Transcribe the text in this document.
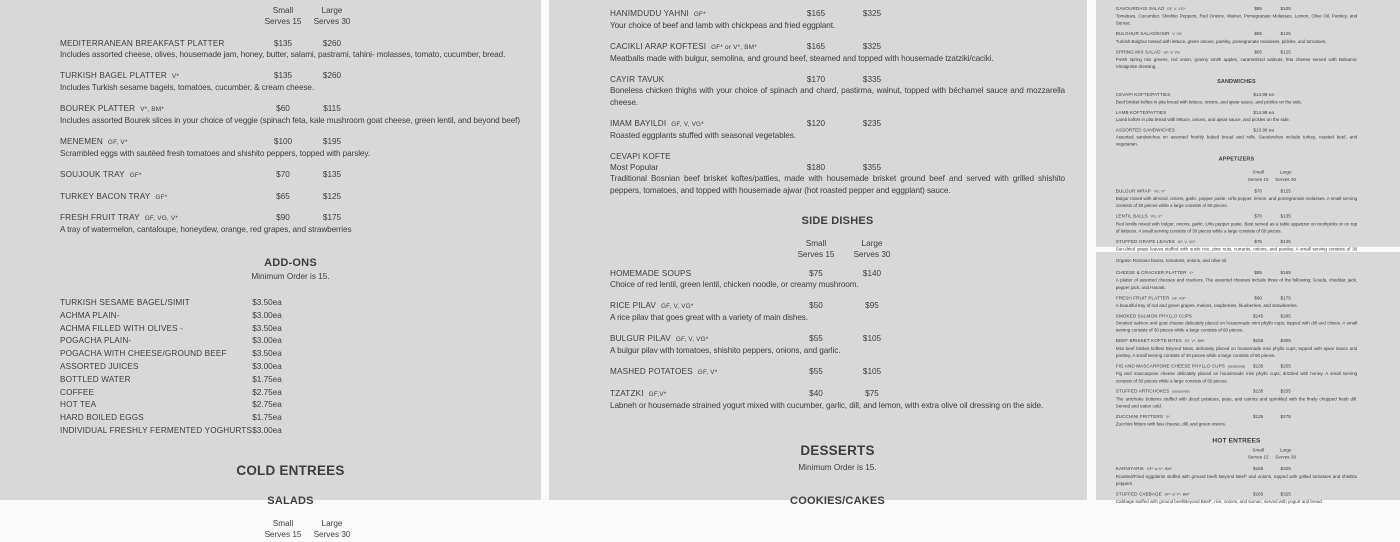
Small
Serves 15
Large
Serves 30
MEDITERRANEAN BREAKFAST PLATTER	$135	$260
Includes assorted cheese, olives, housemade jam, honey, butter, salami, pastrami, tahini- molasses, tomato, cucumber, bread.
TURKISH BAGEL PLATTER V*	$135	$260
Includes Turkish sesame bagels, tomatoes, cucumber, & cream cheese.
BOUREK PLATTER V*, BM*	$60	$115
Includes assorted Bourek slices in your choice of veggie (spinach feta, kale mushroom goat cheese, green lentil, and beyond beef)
MENEMEN GF, V*	$100	$195
Scrambled eggs with sautéed fresh tomatoes and shishito peppers, topped with parsley.
SOUJOUK TRAY GF*	$70	$135
TURKEY BACON TRAY GF*	$65	$125
FRESH FRUIT TRAY GF, VG, V*	$90	$175
A tray of watermelon, cantaloupe, honeydew, orange, red grapes, and strawberries
ADD-ONS
Minimum Order is 15.
TURKISH SESAME BAGEL/SIMIT	$3.50ea
ACHMA PLAIN-	$3.00ea
ACHMA FILLED WITH OLIVES -	$3.50ea
POGACHA PLAIN-	$3.00ea
POGACHA WITH CHEESE/GROUND BEEF	$3.50ea
ASSORTED JUICES	$3.00ea
BOTTLED WATER	$1.75ea
COFFEE	$2.75ea
HOT TEA	$2.75ea
HARD BOILED EGGS	$1.75ea
INDIVIDUAL FRESHLY FERMENTED YOGHURTS $3.00ea
COLD ENTREES
SALADS
Small
Serves 15
Large
Serves 30
HANIMDUDU YAHNI GF*	$165	$325
Your choice of beef and lamb with chickpeas and fried eggplant.
CACIKLI ARAP KOFTESI GF* or V*, BM*	$165	$325
Meatballs made with bulgur, semolina, and ground beef, steamed and topped with housemade tzatziki/caciki.
CAYIR TAVUK	$170	$335
Boneless chicken thighs with your choice of spinach and chard, pastirma, walnut, topped with béchamel sauce and mozzarella cheese.
IMAM BAYILDI GF, V, VG*	$120	$235
Roasted eggplants stuffed with seasonal vegetables.
CEVAPI KOFTE
Most Popular	$180	$355
Traditional Bosnian beef brisket koftes/patties, made with housemade brisket ground beef and served with grilled shishito peppers, tomatoes, and topped with housemade ajwar (hot roasted pepper and eggplant) sauce.
SIDE DISHES
Small
Serves 15
Large
Serves 30
HOMEMADE SOUPS	$75	$140
Choice of red lentil, green lentil, chicken noodle, or creamy mushroom.
RICE PILAV GF, V, VG*	$50	$95
A rice pilav that goes great with a variety of main dishes.
BULGUR PILAV GF, V, VG*	$55	$105
A bulgur pilav with tomatoes, shishito peppers, onions, and garlic.
MASHED POTATOES GF, V*	$55	$105
TZATZKI GF,V*	$40	$75
Labneh or housemade strained yogurt mixed with cucumber, garlic, dill, and lemon, with extra olive oil dressing on the side.
DESSERTS
Minimum Order is 15.
COOKIES/CAKES
GAVOURDAGI SALAD GF, V, VG*	$55	$105
Tomatoes, Cucumber, Shishito Peppers, Red Onions, Walnut, Pomegranate Molasses, Lemon, Olive Oil, Parsley, and Sumac.
BULGHUR SALAD/KISIR V, VG	$65	$125
Turkish Bulghur tossed with lettuce, green onions, parsley, pomegranate molasses, pickles, and tomatoes.
SPRING MIX SALAD GF, V, VG	$65	$125
Fresh spring mix greens, red onion, granny smith apples, caramelized walnuts, feta cheese served with Balsamic Vinaigrette dressing.
SANDWICHES
CEVAPI KOFTE/PATTIES	$14.99 ea
Beef brisket koftes in pita bread with lettuce, onions, and ajwar sauce, and pickles on the side.
LAMB KOFTE/PATTIES	$14.99 ea
Lamb koftes in pita bread with lettuce, onions, and ajwar sauce, and pickles on the side.
ASSORTED SANDWICHES	$13.99 ea
Assorted sandwiches on assorted freshly baked bread and rolls. Sandwiches include turkey, roasted beef, and vegetarian.
APPETIZERS
Small
Serves 15
Large
Serves 30
BULGUR WRAP VG, V*	$70	$125
Bulgur mixed with almond, onions, garlic, pepper paste, Urfa pepper, lemon, and pomegranate molasses. A small serving consists of 30 pieces while a large consists of 60 pieces.
LENTIL BALLS VG, V*	$70	$135
Red lentils mixed with bulgur, onions, garlic, Urfa pepper paste. Best served as a table appetizer on toothpicks or on top of lettuces. A small serving consists of 30 pieces while a large consists of 60 pieces.
STUFFED GRAPE LEAVES GF, V, VG*	$75	$145
Sun-dried grape leaves stuffed with sushi rice, pine nuts, currants, onions, and parsley. A small serving consists of 30
Organic Romano beans, tomatoes, onions, and olive oil.
CHEESE & CRACKER PLATTER V*	$85	$165
A platter of assorted cheeses and crackers. The assorted cheeses include three of the following: Gouda, cheddar, jack, pepper jack, and Havarti.
FRESH FRUIT PLATTER GF, VG*	$90	$175
A beautiful tray of red and green grapes, melons, raspberries, blueberries, and strawberries.
SMOKED SALMON PHYLLO CUPS	$145	$285
Smoked salmon and goat cheese delicately placed on housemade mini phyllo cups; topped with dill and chives. A small serving consists of 30 pieces while a large consists of 60 pieces.
BEEF BRISKET KOFTE BITES GF, V*, BM*	$155	$305
Mini beef brisket koftes/ Beyond Meat, delicately placed on housemade mini phyllo cups; topped with ajwar sauce and parsley. A small serving consists of 30 pieces while a large consists of 60 pieces.
FIG AND MASCARPONE CHEESE PHYLLO CUPS (seasonal) $135	$255
Fig and mascarpone cheese delicately placed on housemade mini phyllo cups; drizzled with honey. A small serving consists of 30 pieces while a large consists of 60 pieces.
STUFFED ARTICHOKES (seasonal)	$135	$255
The artichoke bottoms stuffed with diced potatoes, peas, and carrots and sprinkled with the finely chopped fresh dill. Served and eaten cold.
ZUCCHINI FRITTERS V*	$135	$275
Zucchini fritters with feta cheese, dill, and green onions.
HOT ENTREES
Small
Serves 15
Large
Serves 30
KARNIYARIK GF* or V*, BM*	$165	$325
Roasted/Fried eggplants stuffed with ground beef/ Beyond Beef* and onions, topped with grilled tomatoes and shishito peppers.
STUFFED CABBAGE GF* or V*, BM*	$165	$325
Cabbage stuffed with ground beef/Beyond Beef*, rice, onions, and sumac, served with yogurt and bread
